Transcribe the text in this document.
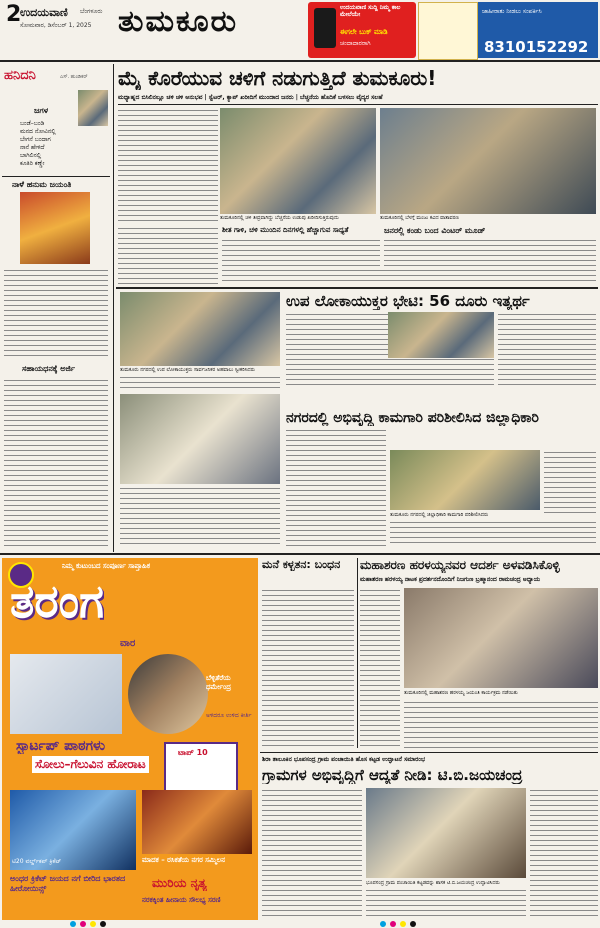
2
ಉದಯವಾಣಿ ಬೆಂಗಳೂರು
ಸೋಮವಾರ, ಡಿಸೆಂಬರ್ 1, 2025 ತುಮಕೂರು	ಉದಯವಾಣಿ ಸುದ್ದಿ ನಿಮ್ಮ ಕಾಲ ಮೇಲೆಯೇ
ಈಗಲೇ ಬುಕ್ ಮಾಡಿ
ಚಂದಾದಾರರಾಗಿ
ಜಾಹೀರಾತು ನೀಡಲು ಸಂಪರ್ಕಿಸಿ
8310152292
ಹನಿದನಿ	ಎಸ್. ಹುಂಡಿಕರ್
ಜಗಳ
ಬಂಡೆ–ಬಂಡಿ
ಮನದ ನೋವಿನಲ್ಲಿ
ಬೇಗನೆ ಬಂದಾಗ
ನಾನೆ ಹೇಳಿದೆ
ಬಾಗಿಲಿನಲ್ಲಿ
ಕೂತಿರಿ ಕಣ್ಣೇ
ನಾಳೆ ಹನುಮ ಜಯಂತಿ
ಸಹಾಯಧನಕ್ಕೆ ಅರ್ಜಿ
ಮೈ ಕೊರೆಯುವ ಚಳಿಗೆ ನಡುಗುತ್ತಿದೆ ತುಮಕೂರು!
ಮಧ್ಯಾಹ್ನದ ಬಿಸಿಲಿನಲ್ಲೂ ಚಳಿ ಚಳಿ ಅನುಭವ | ಸ್ವೆಟರ್, ಕ್ಯಾಪ್ ಖರೀದಿಗೆ ಮುಂದಾದ ಜನರು | ಬೆಚ್ಚನೆಯ ಹೊದಿಕೆ ಬಳಸಲು ವೈದ್ಯರ ಸಲಹೆ
ತುಮಕೂರಿನಲ್ಲಿ ಚಳಿ ತೀವ್ರವಾಗಿದ್ದು ಬೆಚ್ಚನೆಯ ಉಡುಪು ಖರೀದಿಸುತ್ತಿರುವುದು	ತುಮಕೂರಿನಲ್ಲಿ ಬೆಳಗ್ಗೆ ಮಂಜು ಕವಿದ ವಾತಾವರಣ
ಶೀತ ಗಾಳಿ, ಚಳಿ ಮುಂದಿನ ದಿನಗಳಲ್ಲಿ ಹೆಚ್ಚಾಗುವ ಸಾಧ್ಯತೆ	ಜನರಲ್ಲಿ ಕಂಡು ಬಂದ ವಿಂಟರ್ ಮೂಡ್
ತುಮಕೂರು ನಗರದಲ್ಲಿ ಉಪ ಲೋಕಾಯುಕ್ತರು ಸಾರ್ವಜನಿಕರ ಅಹವಾಲು ಸ್ವೀಕರಿಸಿದರು
ಉಪ ಲೋಕಾಯುಕ್ತರ ಭೇಟಿ: 56 ದೂರು ಇತ್ಯರ್ಥ
ನಗರದಲ್ಲಿ ಅಭಿವೃದ್ಧಿ ಕಾಮಗಾರಿ ಪರಿಶೀಲಿಸಿದ ಜಿಲ್ಲಾಧಿಕಾರಿ
ತುಮಕೂರು ನಗರದಲ್ಲಿ ಜಿಲ್ಲಾಧಿಕಾರಿ ಕಾಮಗಾರಿ ಪರಿಶೀಲಿಸಿದರು
ನಿಮ್ಮ ಕುಟುಂಬದ ಸಂಪೂರ್ಣ ಸಾಪ್ತಾಹಿಕ
ತರಂಗ
ವಾರ
ಬೆಳ್ಳಿತೆರೆಯ ಧರ್ಮೇಂದ್ರ
ಅಳಿದರೂ ಉಳಿದ ಕೀರ್ತಿ
ಸ್ಟಾರ್ಟಪ್ ಪಾಠಗಳು
ಸೋಲು–ಗೆಲುವಿನ ಹೋರಾಟ
ಟಾಪ್ 10
ಟಿ20 ವರ್ಲ್ಡ್‌ಕಪ್ ಕ್ರಿಕೆಟ್
ಅಂಧರ ಕ್ರಿಕೆಟ್ ಜಯದ ನಗೆ ಬೀರಿದ ಭಾರತದ ಹೀರೋಯಿನ್ಸ್
ಮಾದಕ – ರಸಿಕತೆಯ ನಗರ ಸಮ್ಮಿಲನ
ಮುರಿಯ ನೃತ್ಯ
ನರಕಕ್ಕಿಂತ ಹೀನಾಯ ಸೌಲಭ್ಯ ಸರಣಿ
ಮನೆ ಕಳ್ಳತನ: ಬಂಧನ	ಮಹಾಶರಣ ಹರಳಯ್ಯನವರ ಆದರ್ಶ ಅಳವಡಿಸಿಕೊಳ್ಳಿ
ಮಹಾಶರಣ ಹರಳಯ್ಯ ನಾಟಕ ಪ್ರದರ್ಶನದೊಂದಿಗೆ ನಿಜಗುಣ ಬ್ರಹ್ಮಾನಂದ ರಾಮಚಂದ್ರ ಅಧ್ಯಾಯ
ತುಮಕೂರಿನಲ್ಲಿ ಮಹಾಶರಣ ಹರಳಯ್ಯ ಜಯಂತಿ ಕಾರ್ಯಕ್ರಮ ನಡೆಯಿತು
ಶಿರಾ ತಾಲೂಕಿನ ಭೂಪಸಂದ್ರ ಗ್ರಾಮ ಪಂಚಾಯಿತಿ ಹೊಸ ಕಟ್ಟಡ ಉದ್ಘಾಟನೆ ಸಮಾರಂಭ
ಗ್ರಾಮಗಳ ಅಭಿವೃದ್ಧಿಗೆ ಆದ್ಯತೆ ನೀಡಿ: ಟಿ.ಬಿ.ಜಯಚಂದ್ರ
ಭೂಪಸಂದ್ರ ಗ್ರಾಮ ಪಂಚಾಯಿತಿ ಕಟ್ಟಡವನ್ನು ಶಾಸಕ ಟಿ.ಬಿ.ಜಯಚಂದ್ರ ಉದ್ಘಾಟಿಸಿದರು
